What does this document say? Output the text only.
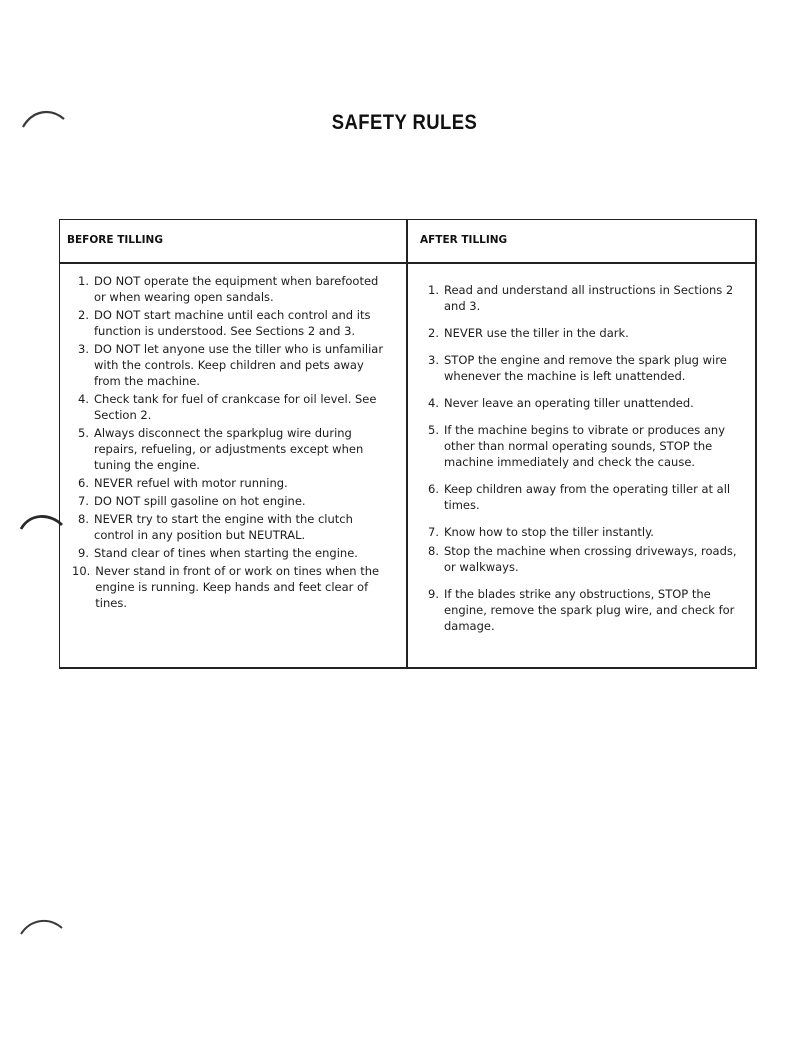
SAFETY RULES
BEFORE TILLING	AFTER TILLING
1. DO NOT operate the equipment when barefooted or when wearing open sandals.
2. DO NOT start machine until each control and its function is understood. See Sections 2 and 3.
3. DO NOT let anyone use the tiller who is unfamiliar with the controls. Keep children and pets away from the machine.
4. Check tank for fuel of crankcase for oil level. See Section 2.
5. Always disconnect the sparkplug wire during repairs, refueling, or adjustments except when tuning the engine.
6. NEVER refuel with motor running.
7. DO NOT spill gasoline on hot engine.
8. NEVER try to start the engine with the clutch control in any position but NEUTRAL.
9. Stand clear of tines when starting the engine.
10. Never stand in front of or work on tines when the engine is running. Keep hands and feet clear of tines.
1. Read and understand all instructions in Sections 2 and 3.
2. NEVER use the tiller in the dark.
3. STOP the engine and remove the spark plug wire whenever the machine is left unattended.
4. Never leave an operating tiller unattended.
5. If the machine begins to vibrate or produces any other than normal operating sounds, STOP the machine immediately and check the cause.
6. Keep children away from the operating tiller at all times.
7. Know how to stop the tiller instantly.
8. Stop the machine when crossing driveways, roads, or walkways.
9. If the blades strike any obstructions, STOP the engine, remove the spark plug wire, and check for damage.
